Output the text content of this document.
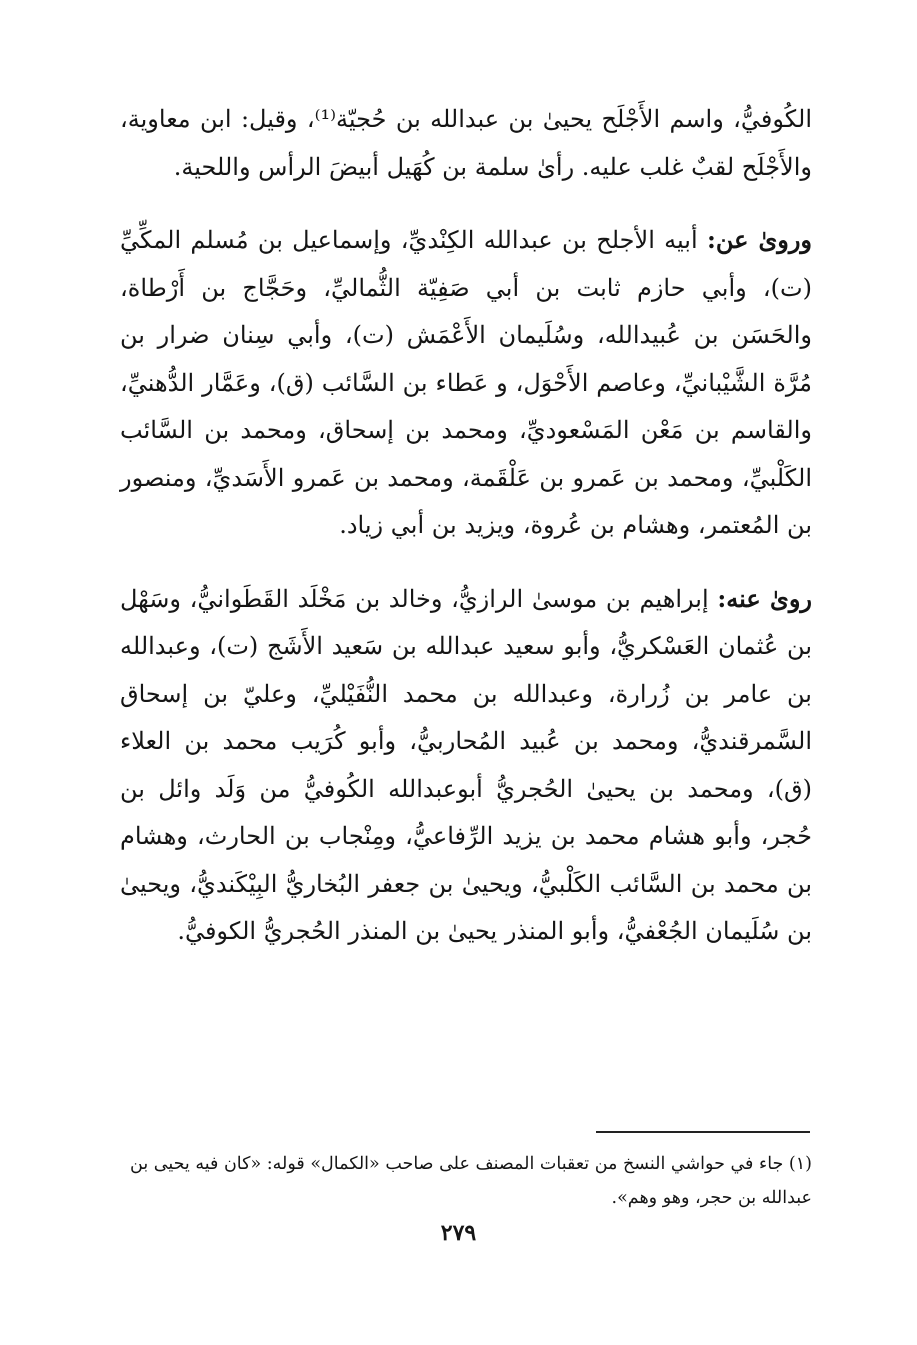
الكُوفيُّ، واسم الأَجْلَح يحيىٰ بن عبدالله بن حُجيّة⁽¹⁾، وقيل: ابن معاوية، والأَجْلَح لقبٌ غلب عليه. رأىٰ سلمة بن كُهَيل أبيضَ الرأس واللحية.

وروىٰ عن: أبيه الأجلح بن عبدالله الكِنْديِّ، وإسماعيل بن مُسلم المكِّيِّ (ت)، وأبي حازم ثابت بن أبي صَفِيّة الثُّماليِّ، وحَجَّاج بن أَرْطاة، والحَسَن بن عُبيدالله، وسُلَيمان الأَعْمَش (ت)، وأبي سِنان ضرار بن مُرَّة الشَّيْبانيِّ، وعاصم الأَحْوَل، و عَطاء بن السَّائب (ق)، وعَمَّار الدُّهنيِّ، والقاسم بن مَعْن المَسْعوديِّ، ومحمد بن إسحاق، ومحمد بن السَّائب الكَلْبيِّ، ومحمد بن عَمرو بن عَلْقَمة، ومحمد بن عَمرو الأَسَديِّ، ومنصور بن المُعتمر، وهشام بن عُروة، ويزيد بن أبي زياد.

روىٰ عنه: إبراهيم بن موسىٰ الرازيُّ، وخالد بن مَخْلَد القَطَوانيُّ، وسَهْل بن عُثمان العَسْكريُّ، وأبو سعيد عبدالله بن سَعيد الأَشَج (ت)، وعبدالله بن عامر بن زُرارة، وعبدالله بن محمد النُّفَيْليِّ، وعليّ بن إسحاق السَّمرقنديُّ، ومحمد بن عُبيد المُحاربيُّ، وأبو كُرَيب محمد بن العلاء (ق)، ومحمد بن يحيىٰ الحُجريُّ أبوعبدالله الكُوفيُّ من وَلَد وائل بن حُجر، وأبو هشام محمد بن يزيد الرِّفاعيُّ، ومِنْجاب بن الحارث، وهشام بن محمد بن السَّائب الكَلْبيُّ، ويحيىٰ بن جعفر البُخاريُّ البِيْكَنديُّ، ويحيىٰ بن سُلَيمان الجُعْفيُّ، وأبو المنذر يحيىٰ بن المنذر الحُجريُّ الكوفيُّ.

(١) جاء في حواشي النسخ من تعقبات المصنف على صاحب «الكمال» قوله: «كان فيه يحيى بن عبدالله بن حجر، وهو وهم».
٢٧٩
